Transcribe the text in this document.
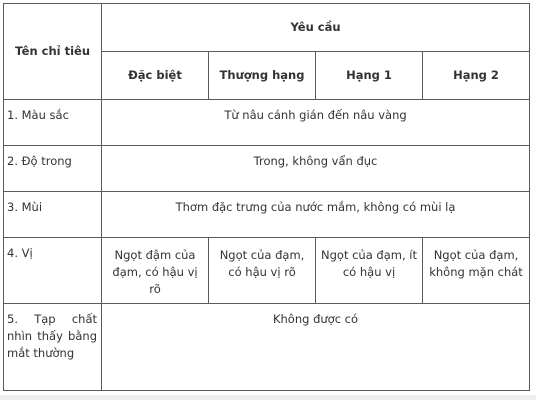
Tên chỉ tiêu	Yêu cầu			
	Đặc biệt	Thượng hạng	Hạng 1	Hạng 2
1. Màu sắc	Từ nâu cánh gián đến nâu vàng			
2. Độ trong	Trong, không vẩn đục			
3. Mùi	Thơm đặc trưng của nước mắm, không có mùi lạ			
4. Vị	Ngọt đậm của đạm, có hậu vị rõ	Ngọt của đạm, có hậu vị rõ	Ngọt của đạm, ít có hậu vị	Ngọt của đạm, không mặn chát
5. Tạp chất nhìn thấy bằng mắt thường	Không được có			
